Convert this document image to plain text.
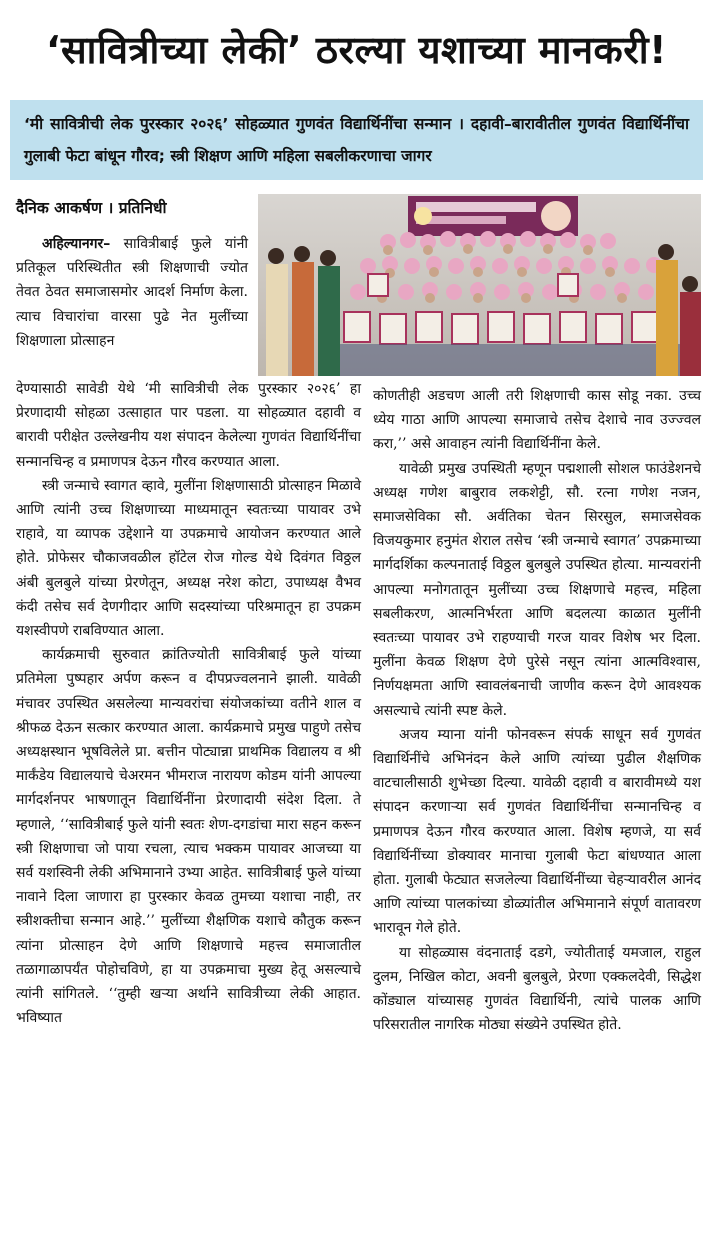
‘सावित्रीच्या लेकी’ ठरल्या यशाच्या मानकरी!
‘मी सावित्रीची लेक पुरस्कार २०२६’ सोहळ्यात गुणवंत विद्यार्थिनींचा सन्मान । दहावी–बारावीतील गुणवंत विद्यार्थिनींचा गुलाबी फेटा बांधून गौरव; स्त्री शिक्षण आणि महिला सबलीकरणाचा जागर
दैनिक आकर्षण । प्रतिनिधी

अहिल्यानगर– सावित्रीबाई फुले यांनी प्रतिकूल परिस्थितीत स्त्री शिक्षणाची ज्योत तेवत ठेवत समाजासमोर आदर्श निर्माण केला. त्याच विचारांचा वारसा पुढे नेत मुलींच्या शिक्षणाला प्रोत्साहन

देण्यासाठी सावेडी येथे ‘मी सावित्रीची लेक पुरस्कार २०२६’ हा प्रेरणादायी सोहळा उत्साहात पार पडला. या सोहळ्यात दहावी व बारावी परीक्षेत उल्लेखनीय यश संपादन केलेल्या गुणवंत विद्यार्थिनींचा सन्मानचिन्ह व प्रमाणपत्र देऊन गौरव करण्यात आला.

स्त्री जन्माचे स्वागत व्हावे, मुलींना शिक्षणासाठी प्रोत्साहन मिळावे आणि त्यांनी उच्च शिक्षणाच्या माध्यमातून स्वतःच्या पायावर उभे राहावे, या व्यापक उद्देशाने या उपक्रमाचे आयोजन करण्यात आले होते. प्रोफेसर चौकाजवळील हॉटेल रोज गोल्ड येथे दिवंगत विठ्ठल अंबी बुलबुले यांच्या प्रेरणेतून, अध्यक्ष नरेश कोटा, उपाध्यक्ष वैभव कंदी तसेच सर्व देणगीदार आणि सदस्यांच्या परिश्रमातून हा उपक्रम यशस्वीपणे राबविण्यात आला.

कार्यक्रमाची सुरुवात क्रांतिज्योती सावित्रीबाई फुले यांच्या प्रतिमेला पुष्पहार अर्पण करून व दीपप्रज्वलनाने झाली. यावेळी मंचावर उपस्थित असलेल्या मान्यवरांचा संयोजकांच्या वतीने शाल व श्रीफळ देऊन सत्कार करण्यात आला. कार्यक्रमाचे प्रमुख पाहुणे तसेच अध्यक्षस्थान भूषविलेले प्रा. बत्तीन पोट्यान्ना प्राथमिक विद्यालय व श्री मार्कंडेय विद्यालयाचे चेअरमन भीमराज नारायण कोडम यांनी आपल्या मार्गदर्शनपर भाषणातून विद्यार्थिनींना प्रेरणादायी संदेश दिला. ते म्हणाले, ‘‘सावित्रीबाई फुले यांनी स्वतः शेण-दगडांचा मारा सहन करून स्त्री शिक्षणाचा जो पाया रचला, त्याच भक्कम पायावर आजच्या या सर्व यशस्विनी लेकी अभिमानाने उभ्या आहेत. सावित्रीबाई फुले यांच्या नावाने दिला जाणारा हा पुरस्कार केवळ तुमच्या यशाचा नाही, तर स्त्रीशक्तीचा सन्मान आहे.’’ मुलींच्या शैक्षणिक यशाचे कौतुक करून त्यांना प्रोत्साहन देणे आणि शिक्षणाचे महत्त्व समाजातील तळागाळापर्यंत पोहोचविणे, हा या उपक्रमाचा मुख्य हेतू असल्याचे त्यांनी सांगितले. ‘‘तुम्ही खऱ्या अर्थाने सावित्रीच्या लेकी आहात. भविष्यात

कोणतीही अडचण आली तरी शिक्षणाची कास सोडू नका. उच्च ध्येय गाठा आणि आपल्या समाजाचे तसेच देशाचे नाव उज्ज्वल करा,’’ असे आवाहन त्यांनी विद्यार्थिनींना केले.

यावेळी प्रमुख उपस्थिती म्हणून पद्मशाली सोशल फाउंडेशनचे अध्यक्ष गणेश बाबुराव लकशेट्टी, सौ. रत्ना गणेश नजन, समाजसेविका सौ. अर्वतिका चेतन सिरसुल, समाजसेवक विजयकुमार हनुमंत शेराल तसेच ‘स्त्री जन्माचे स्वागत’ उपक्रमाच्या मार्गदर्शिका कल्पनाताई विठ्ठल बुलबुले उपस्थित होत्या. मान्यवरांनी आपल्या मनोगतातून मुलींच्या उच्च शिक्षणाचे महत्त्व, महिला सबलीकरण, आत्मनिर्भरता आणि बदलत्या काळात मुलींनी स्वतःच्या पायावर उभे राहण्याची गरज यावर विशेष भर दिला. मुलींना केवळ शिक्षण देणे पुरेसे नसून त्यांना आत्मविश्वास, निर्णयक्षमता आणि स्वावलंबनाची जाणीव करून देणे आवश्यक असल्याचे त्यांनी स्पष्ट केले.

अजय म्याना यांनी फोनवरून संपर्क साधून सर्व गुणवंत विद्यार्थिनींचे अभिनंदन केले आणि त्यांच्या पुढील शैक्षणिक वाटचालीसाठी शुभेच्छा दिल्या. यावेळी दहावी व बारावीमध्ये यश संपादन करणाऱ्या सर्व गुणवंत विद्यार्थिनींचा सन्मानचिन्ह व प्रमाणपत्र देऊन गौरव करण्यात आला. विशेष म्हणजे, या सर्व विद्यार्थिनींच्या डोक्यावर मानाचा गुलाबी फेटा बांधण्यात आला होता. गुलाबी फेट्यात सजलेल्या विद्यार्थिनींच्या चेहऱ्यावरील आनंद आणि त्यांच्या पालकांच्या डोळ्यांतील अभिमानाने संपूर्ण वातावरण भारावून गेले होते.

या सोहळ्यास वंदनाताई दडगे, ज्योतीताई यमजाल, राहुल दुलम, निखिल कोटा, अवनी बुलबुले, प्रेरणा एक्कलदेवी, सिद्धेश कोंड्याल यांच्यासह गुणवंत विद्यार्थिनी, त्यांचे पालक आणि परिसरातील नागरिक मोठ्या संख्येने उपस्थित होते.
